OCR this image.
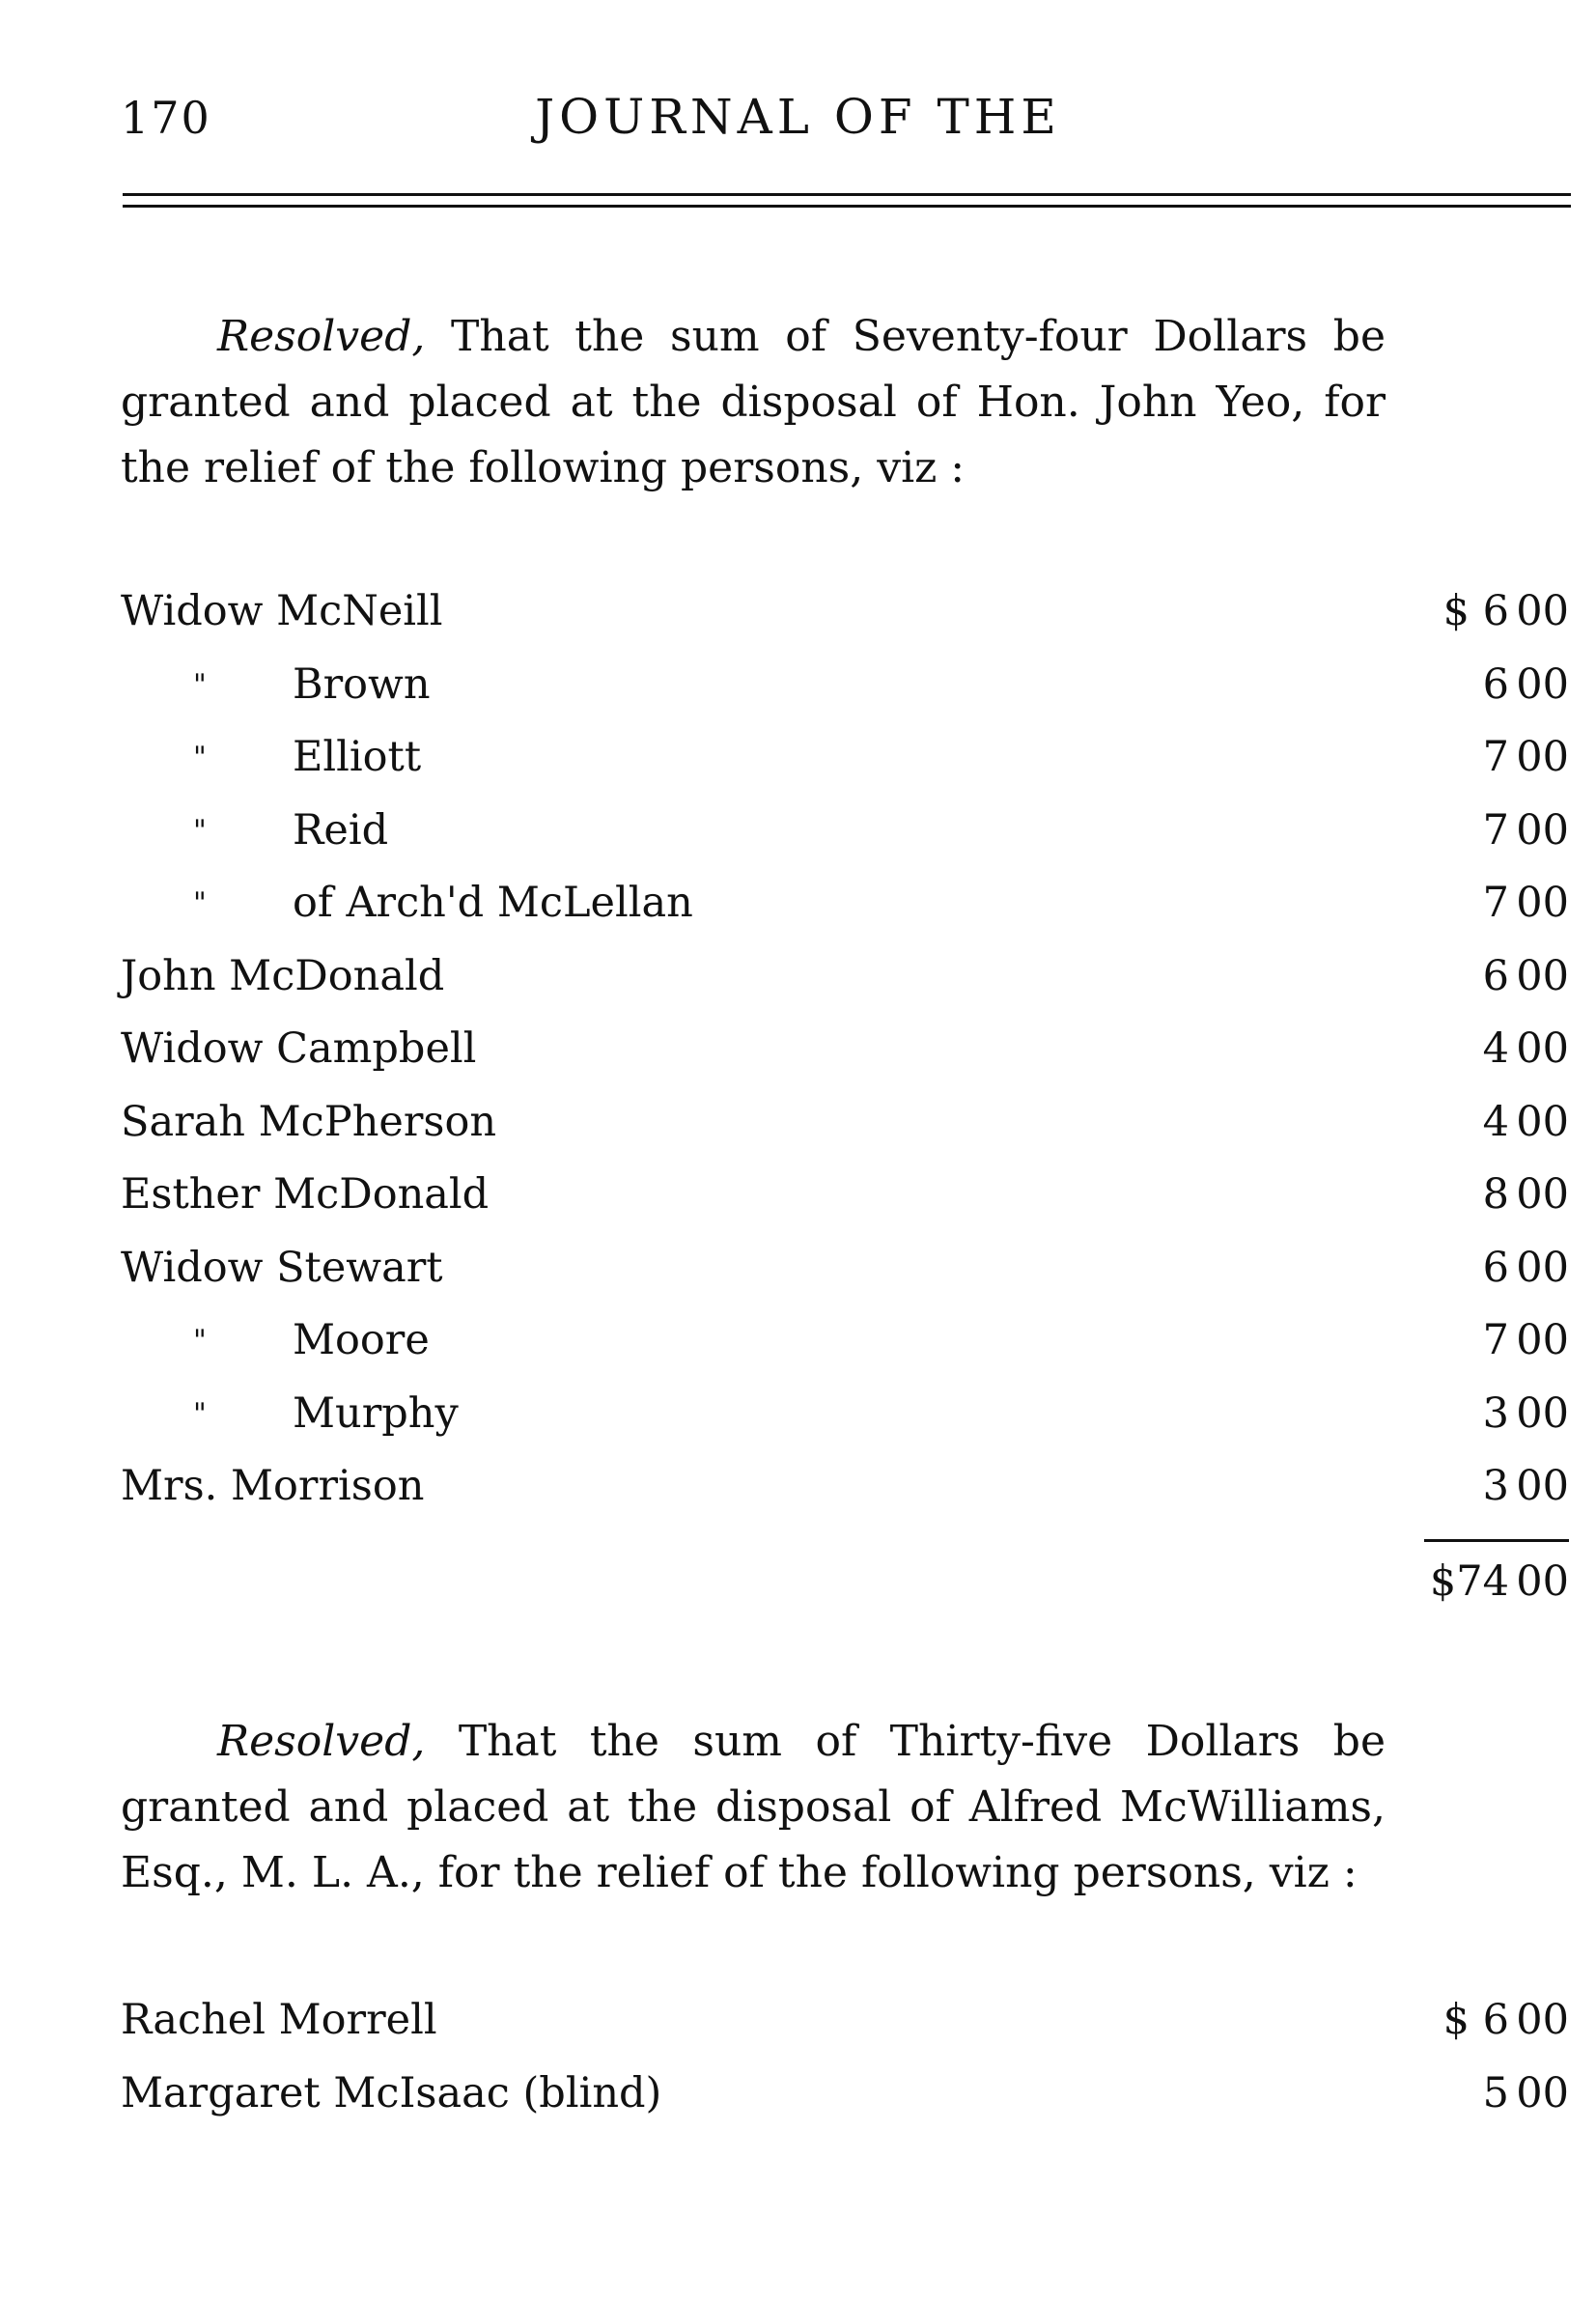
170	JOURNAL OF THE
Resolved, That the sum of Seventy-four Dollars be granted and placed at the disposal of Hon. John Yeo, for the relief of the following persons, viz :
Widow McNeill	$ 6 00
" Brown	6 00
" Elliott	7 00
" Reid	7 00
" of Arch'd McLellan	7 00
John McDonald	6 00
Widow Campbell	4 00
Sarah McPherson	4 00
Esther McDonald	8 00
Widow Stewart	6 00
" Moore	7 00
" Murphy	3 00
Mrs. Morrison	3 00
$74 00
Resolved, That the sum of Thirty-five Dollars be granted and placed at the disposal of Alfred McWilliams, Esq., M. L. A., for the relief of the following persons, viz :
Rachel Morrell	$ 6 00
Margaret McIsaac (blind)	5 00
